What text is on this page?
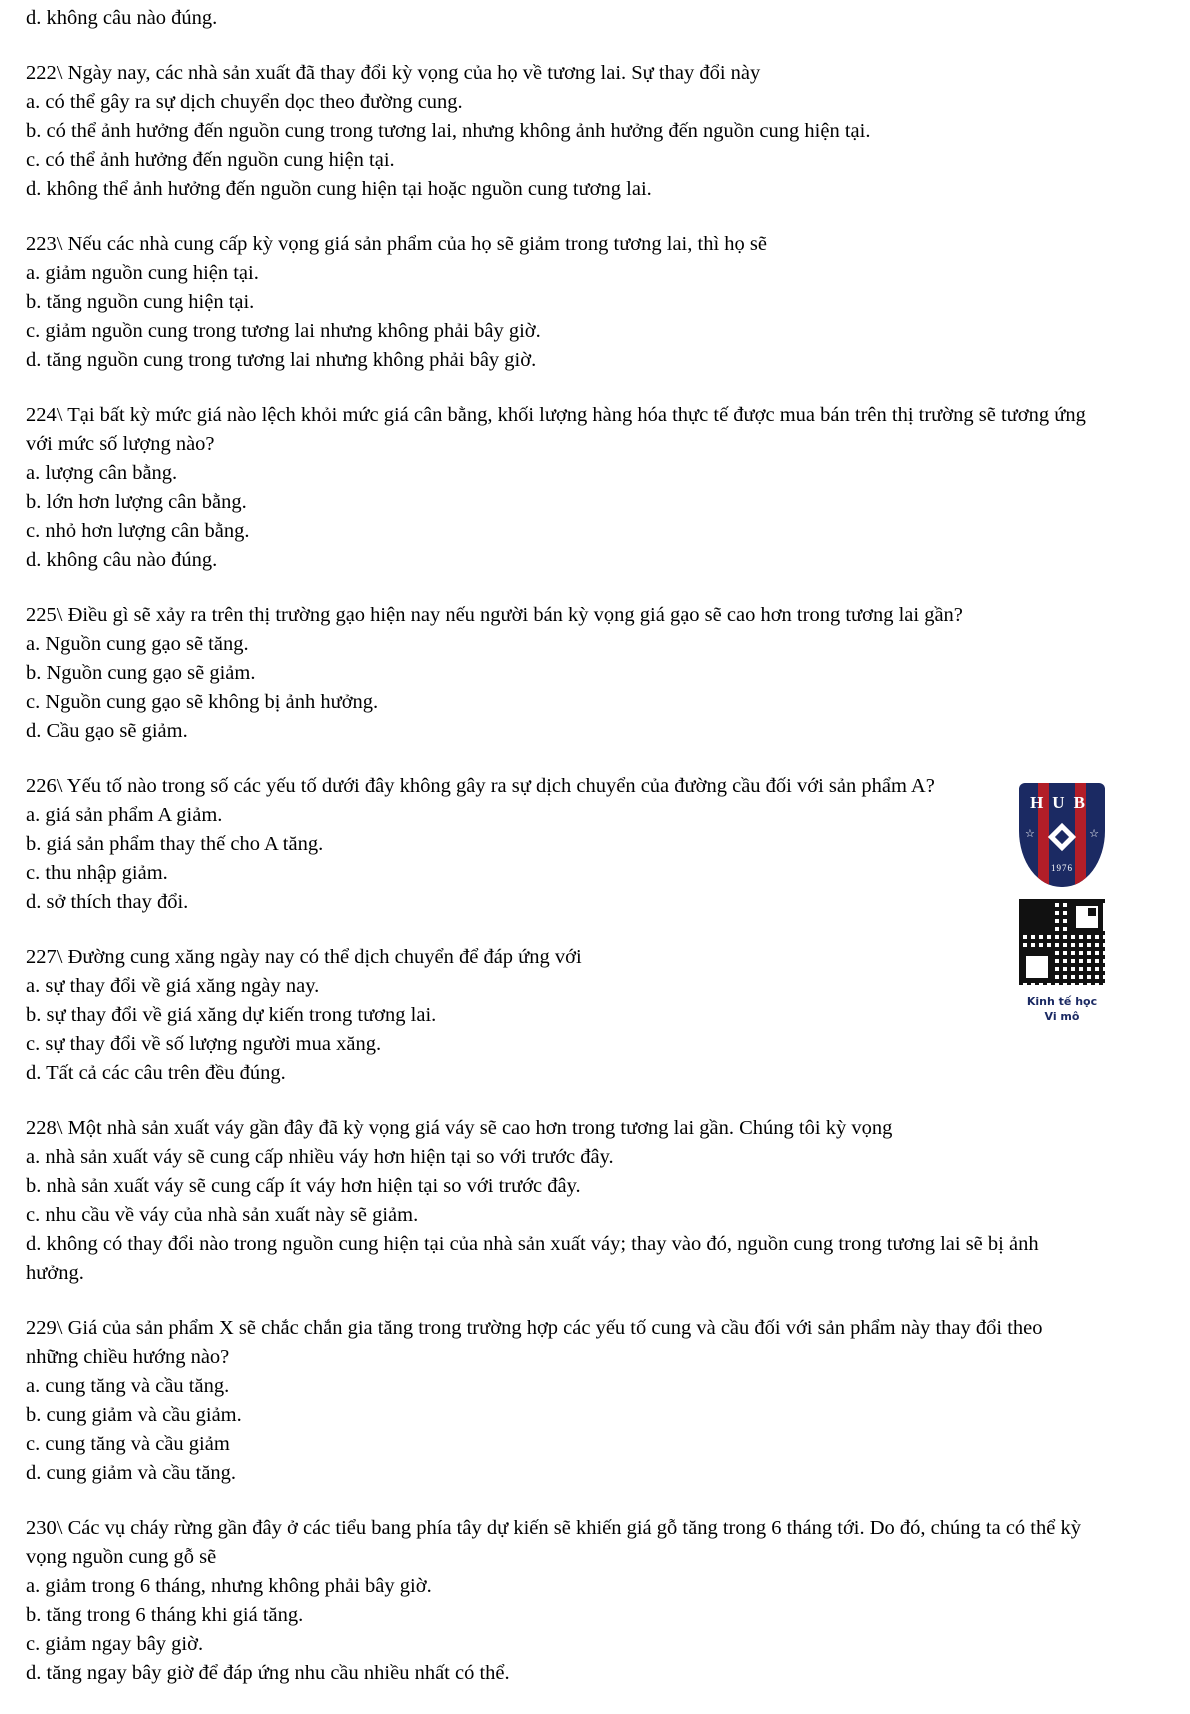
d. không câu nào đúng.
222\ Ngày nay, các nhà sản xuất đã thay đổi kỳ vọng của họ về tương lai. Sự thay đổi này
a. có thể gây ra sự dịch chuyển dọc theo đường cung.
b. có thể ảnh hưởng đến nguồn cung trong tương lai, nhưng không ảnh hưởng đến nguồn cung hiện tại.
c. có thể ảnh hưởng đến nguồn cung hiện tại.
d. không thể ảnh hưởng đến nguồn cung hiện tại hoặc nguồn cung tương lai.
223\ Nếu các nhà cung cấp kỳ vọng giá sản phẩm của họ sẽ giảm trong tương lai, thì họ sẽ
a. giảm nguồn cung hiện tại.
b. tăng nguồn cung hiện tại.
c. giảm nguồn cung trong tương lai nhưng không phải bây giờ.
d. tăng nguồn cung trong tương lai nhưng không phải bây giờ.
224\ Tại bất kỳ mức giá nào lệch khỏi mức giá cân bằng, khối lượng hàng hóa thực tế được mua bán trên thị trường sẽ tương ứng với mức số lượng nào?
a. lượng cân bằng.
b. lớn hơn lượng cân bằng.
c. nhỏ hơn lượng cân bằng.
d. không câu nào đúng.
225\ Điều gì sẽ xảy ra trên thị trường gạo hiện nay nếu người bán kỳ vọng giá gạo sẽ cao hơn trong tương lai gần?
a. Nguồn cung gạo sẽ tăng.
b. Nguồn cung gạo sẽ giảm.
c. Nguồn cung gạo sẽ không bị ảnh hưởng.
d. Cầu gạo sẽ giảm.
226\ Yếu tố nào trong số các yếu tố dưới đây không gây ra sự dịch chuyển của đường cầu đối với sản phẩm A?
a. giá sản phẩm A giảm.
b. giá sản phẩm thay thế cho A tăng.
c. thu nhập giảm.
d. sở thích thay đổi.
227\ Đường cung xăng ngày nay có thể dịch chuyển để đáp ứng với
a. sự thay đổi về giá xăng ngày nay.
b. sự thay đổi về giá xăng dự kiến trong tương lai.
c. sự thay đổi về số lượng người mua xăng.
d. Tất cả các câu trên đều đúng.
228\ Một nhà sản xuất váy gần đây đã kỳ vọng giá váy sẽ cao hơn trong tương lai gần. Chúng tôi kỳ vọng
a. nhà sản xuất váy sẽ cung cấp nhiều váy hơn hiện tại so với trước đây.
b. nhà sản xuất váy sẽ cung cấp ít váy hơn hiện tại so với trước đây.
c. nhu cầu về váy của nhà sản xuất này sẽ giảm.
d. không có thay đổi nào trong nguồn cung hiện tại của nhà sản xuất váy; thay vào đó, nguồn cung trong tương lai sẽ bị ảnh hưởng.
229\ Giá của sản phẩm X sẽ chắc chắn gia tăng trong trường hợp các yếu tố cung và cầu đối với sản phẩm này thay đổi theo những chiều hướng nào?
a. cung tăng và cầu tăng.
b. cung giảm và cầu giảm.
c. cung tăng và cầu giảm
d. cung giảm và cầu tăng.
230\ Các vụ cháy rừng gần đây ở các tiểu bang phía tây dự kiến sẽ khiến giá gỗ tăng trong 6 tháng tới. Do đó, chúng ta có thể kỳ vọng nguồn cung gỗ sẽ
a. giảm trong 6 tháng, nhưng không phải bây giờ.
b. tăng trong 6 tháng khi giá tăng.
c. giảm ngay bây giờ.
d. tăng ngay bây giờ để đáp ứng nhu cầu nhiều nhất có thể.
HUB
☆	☆
1976
Kinh tế học
Vi mô
